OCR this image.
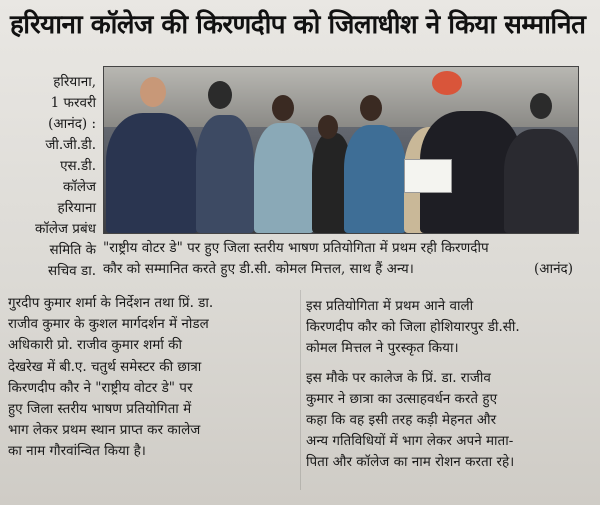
हरियाना कॉलेज की किरणदीप को जिलाधीश ने किया सम्मानित
हरियाना,
1 फरवरी
(आनंद) :
जी.जी.डी.
एस.डी.
कॉलेज
हरियाना
कॉलेज प्रबंध
समिति के
सचिव डा.
"राष्ट्रीय वोटर डे" पर हुए जिला स्तरीय भाषण प्रतियोगिता में प्रथम रही किरणदीप
कौर को सम्मानित करते हुए डी.सी. कोमल मित्तल, साथ हैं अन्य।	(आनंद)
गुरदीप कुमार शर्मा के निर्देशन तथा प्रिं. डा.
राजीव कुमार के कुशल मार्गदर्शन में नोडल
अधिकारी प्रो. राजीव कुमार शर्मा की
देखरेख में बी.ए. चतुर्थ समेस्टर की छात्रा
किरणदीप कौर ने "राष्ट्रीय वोटर डे" पर
हुए जिला स्तरीय भाषण प्रतियोगिता में
भाग लेकर प्रथम स्थान प्राप्त कर कालेज
का नाम गौरवांन्वित किया है।
इस प्रतियोगिता में प्रथम आने वाली
किरणदीप कौर को जिला होशियारपुर डी.सी.
कोमल मित्तल ने पुरस्कृत किया।
इस मौके पर कालेज के प्रिं. डा. राजीव
कुमार ने छात्रा का उत्साहवर्धन करते हुए
कहा कि वह इसी तरह कड़ी मेहनत और
अन्य गतिविधियों में भाग लेकर अपने माता-
पिता और कॉलेज का नाम रोशन करता रहे।
